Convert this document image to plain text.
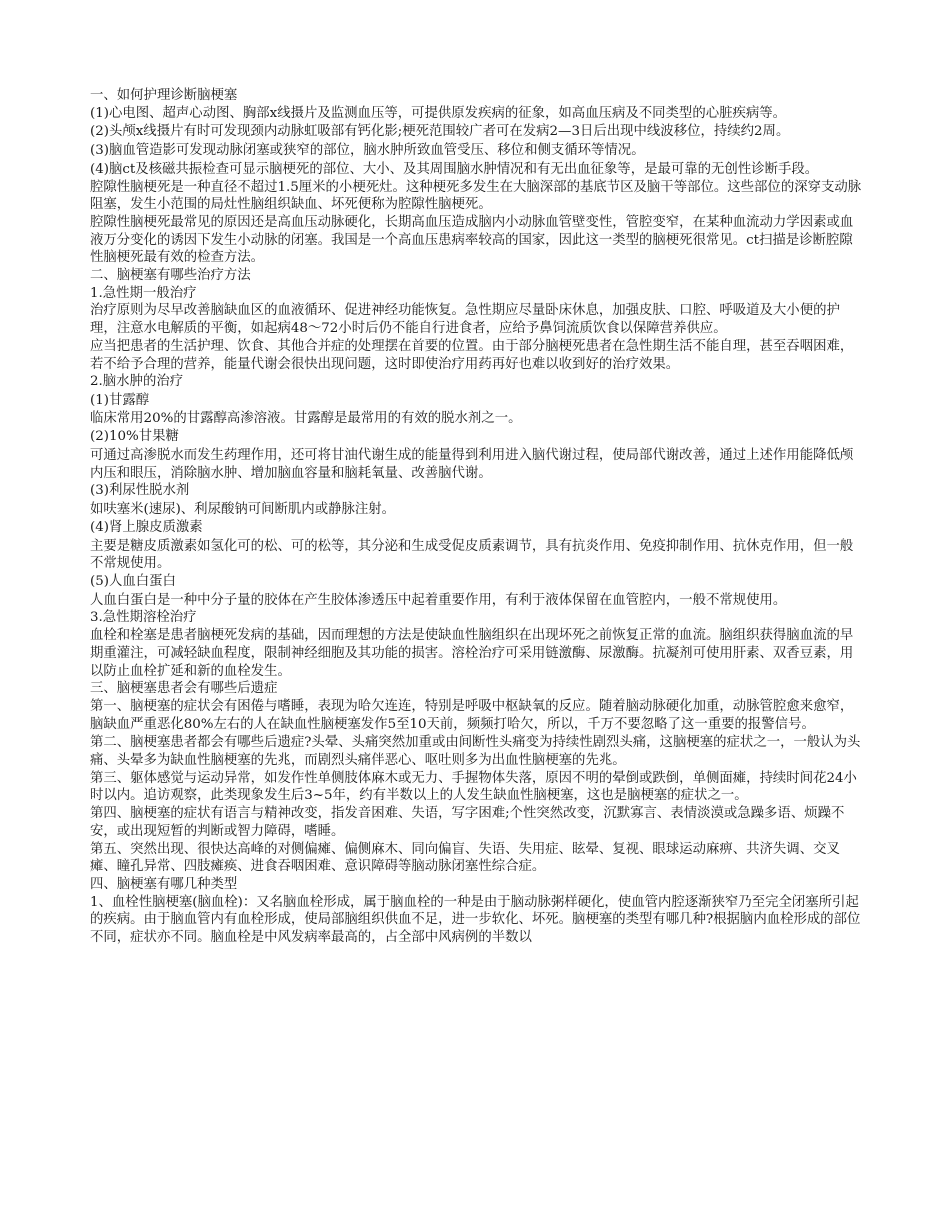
一、如何护理诊断脑梗塞

(1)心电图、超声心动图、胸部x线摄片及监测血压等，可提供原发疾病的征象，如高血压病及不同类型的心脏疾病等。

(2)头颅x线摄片有时可发现颈内动脉虹吸部有钙化影;梗死范围较广者可在发病2—3日后出现中线波移位，持续约2周。

(3)脑血管造影可发现动脉闭塞或狭窄的部位，脑水肿所致血管受压、移位和侧支循环等情况。

(4)脑ct及核磁共振检查可显示脑梗死的部位、大小、及其周围脑水肿情况和有无出血征象等，是最可靠的无创性诊断手段。

腔隙性脑梗死是一种直径不超过1.5厘米的小梗死灶。这种梗死多发生在大脑深部的基底节区及脑干等部位。这些部位的深穿支动脉阻塞，发生小范围的局灶性脑组织缺血、坏死便称为腔隙性脑梗死。

腔隙性脑梗死最常见的原因还是高血压动脉硬化，长期高血压造成脑内小动脉血管壁变性，管腔变窄，在某种血流动力学因素或血液万分变化的诱因下发生小动脉的闭塞。我国是一个高血压患病率较高的国家，因此这一类型的脑梗死很常见。ct扫描是诊断腔隙性脑梗死最有效的检查方法。

二、脑梗塞有哪些治疗方法

1.急性期一般治疗

治疗原则为尽早改善脑缺血区的血液循环、促进神经功能恢复。急性期应尽量卧床休息，加强皮肤、口腔、呼吸道及大小便的护理，注意水电解质的平衡，如起病48～72小时后仍不能自行进食者，应给予鼻饲流质饮食以保障营养供应。

应当把患者的生活护理、饮食、其他合并症的处理摆在首要的位置。由于部分脑梗死患者在急性期生活不能自理，甚至吞咽困难，若不给予合理的营养，能量代谢会很快出现问题，这时即使治疗用药再好也难以收到好的治疗效果。

2.脑水肿的治疗

(1)甘露醇

临床常用20%的甘露醇高渗溶液。甘露醇是最常用的有效的脱水剂之一。

(2)10%甘果糖

可通过高渗脱水而发生药理作用，还可将甘油代谢生成的能量得到利用进入脑代谢过程，使局部代谢改善，通过上述作用能降低颅内压和眼压，消除脑水肿、增加脑血容量和脑耗氧量、改善脑代谢。

(3)利尿性脱水剂

如呋塞米(速尿)、利尿酸钠可间断肌内或静脉注射。

(4)肾上腺皮质激素

主要是糖皮质激素如氢化可的松、可的松等，其分泌和生成受促皮质素调节，具有抗炎作用、免疫抑制作用、抗休克作用，但一般不常规使用。

(5)人血白蛋白

人血白蛋白是一种中分子量的胶体在产生胶体渗透压中起着重要作用，有利于液体保留在血管腔内，一般不常规使用。

3.急性期溶栓治疗

血栓和栓塞是患者脑梗死发病的基础，因而理想的方法是使缺血性脑组织在出现坏死之前恢复正常的血流。脑组织获得脑血流的早期重灌注，可减轻缺血程度，限制神经细胞及其功能的损害。溶栓治疗可采用链激酶、尿激酶。抗凝剂可使用肝素、双香豆素，用以防止血栓扩延和新的血栓发生。

三、脑梗塞患者会有哪些后遗症

第一、脑梗塞的症状会有困倦与嗜睡，表现为哈欠连连，特别是呼吸中枢缺氧的反应。随着脑动脉硬化加重，动脉管腔愈来愈窄，脑缺血严重恶化80%左右的人在缺血性脑梗塞发作5至10天前，频频打哈欠，所以，千万不要忽略了这一重要的报警信号。

第二、脑梗塞患者都会有哪些后遗症?头晕、头痛突然加重或由间断性头痛变为持续性剧烈头痛，这脑梗塞的症状之一，一般认为头痛、头晕多为缺血性脑梗塞的先兆，而剧烈头痛伴恶心、呕吐则多为出血性脑梗塞的先兆。

第三、躯体感觉与运动异常，如发作性单侧肢体麻木或无力、手握物体失落，原因不明的晕倒或跌倒，单侧面瘫，持续时间花24小时以内。追访观察，此类现象发生后3~5年，约有半数以上的人发生缺血性脑梗塞，这也是脑梗塞的症状之一。

第四、脑梗塞的症状有语言与精神改变，指发音困难、失语，写字困难;个性突然改变，沉默寡言、表情淡漠或急躁多语、烦躁不安，或出现短暂的判断或智力障碍，嗜睡。

第五、突然出现、很快达高峰的对侧偏瘫、偏侧麻木、同向偏盲、失语、失用症、眩晕、复视、眼球运动麻痹、共济失调、交叉瘫、瞳孔异常、四肢瘫痪、进食吞咽困难、意识障碍等脑动脉闭塞性综合症。

四、脑梗塞有哪几种类型

1、血栓性脑梗塞(脑血栓)：又名脑血栓形成，属于脑血栓的一种是由于脑动脉粥样硬化，使血管内腔逐渐狭窄乃至完全闭塞所引起的疾病。由于脑血管内有血栓形成，使局部脑组织供血不足，进一步软化、坏死。脑梗塞的类型有哪几种?根据脑内血栓形成的部位不同，症状亦不同。脑血栓是中风发病率最高的，占全部中风病例的半数以
